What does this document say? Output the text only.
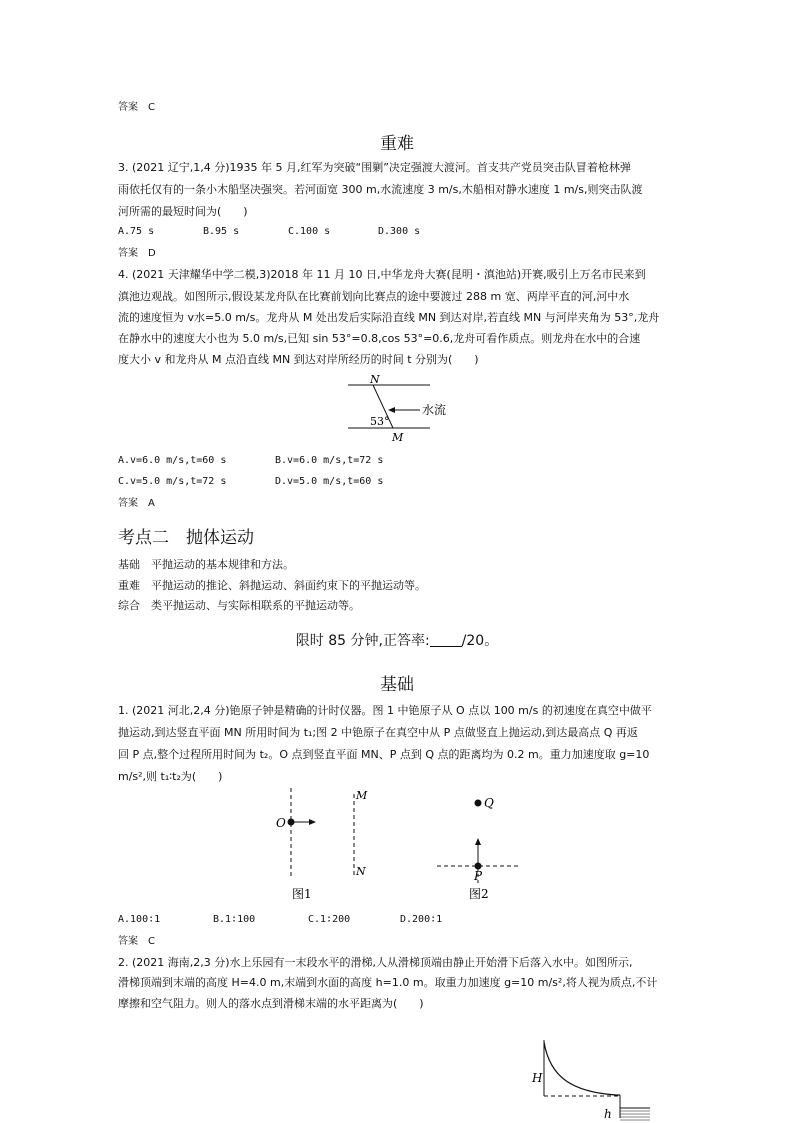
答案 C
重难
3. (2021 辽宁,1,4 分)1935 年 5 月,红军为突破“围剿”决定强渡大渡河。首支共产党员突击队冒着枪林弹
雨依托仅有的一条小木船坚决强突。若河面宽 300 m,水流速度 3 m/s,木船相对静水速度 1 m/s,则突击队渡
河所需的最短时间为(　　)
A.75 s	B.95 s	C.100 s	D.300 s
答案 D
4. (2021 天津耀华中学二模,3)2018 年 11 月 10 日,中华龙舟大赛(昆明・滇池站)开赛,吸引上万名市民来到
滇池边观战。如图所示,假设某龙舟队在比赛前划向比赛点的途中要渡过 288 m 宽、两岸平直的河,河中水
流的速度恒为 v水=5.0 m/s。龙舟从 M 处出发后实际沿直线 MN 到达对岸,若直线 MN 与河岸夹角为 53°,龙舟
在静水中的速度大小也为 5.0 m/s,已知 sin 53°=0.8,cos 53°=0.6,龙舟可看作质点。则龙舟在水中的合速
度大小 v 和龙舟从 M 点沿直线 MN 到达对岸所经历的时间 t 分别为(　　)
N
M
53°
水流
A.v=6.0 m/s,t=60 s	B.v=6.0 m/s,t=72 s
C.v=5.0 m/s,t=72 s	D.v=5.0 m/s,t=60 s
答案 A
考点二　抛体运动
基础　 平抛运动的基本规律和方法。
重难　 平抛运动的推论、斜抛运动、斜面约束下的平抛运动等。
综合　 类平抛运动、与实际相联系的平抛运动等。
限时 85 分钟,正答率: /20。
基础
1. (2021 河北,2,4 分)铯原子钟是精确的计时仪器。图 1 中铯原子从 O 点以 100 m/s 的初速度在真空中做平
抛运动,到达竖直平面 MN 所用时间为 t₁;图 2 中铯原子在真空中从 P 点做竖直上抛运动,到达最高点 Q 再返
回 P 点,整个过程所用时间为 t₂。O 点到竖直平面 MN、P 点到 Q 点的距离均为 0.2 m。重力加速度取 g=10
m/s²,则 t₁∶t₂为(　　)
O
M
N
图1
Q
P
图2
A.100∶1	B.1∶100	C.1∶200	D.200∶1
答案 C
2. (2021 海南,2,3 分)水上乐园有一末段水平的滑梯,人从滑梯顶端由静止开始滑下后落入水中。如图所示,
滑梯顶端到末端的高度 H=4.0 m,末端到水面的高度 h=1.0 m。取重力加速度 g=10 m/s²,将人视为质点,不计
摩擦和空气阻力。则人的落水点到滑梯末端的水平距离为(　　)
H
h
